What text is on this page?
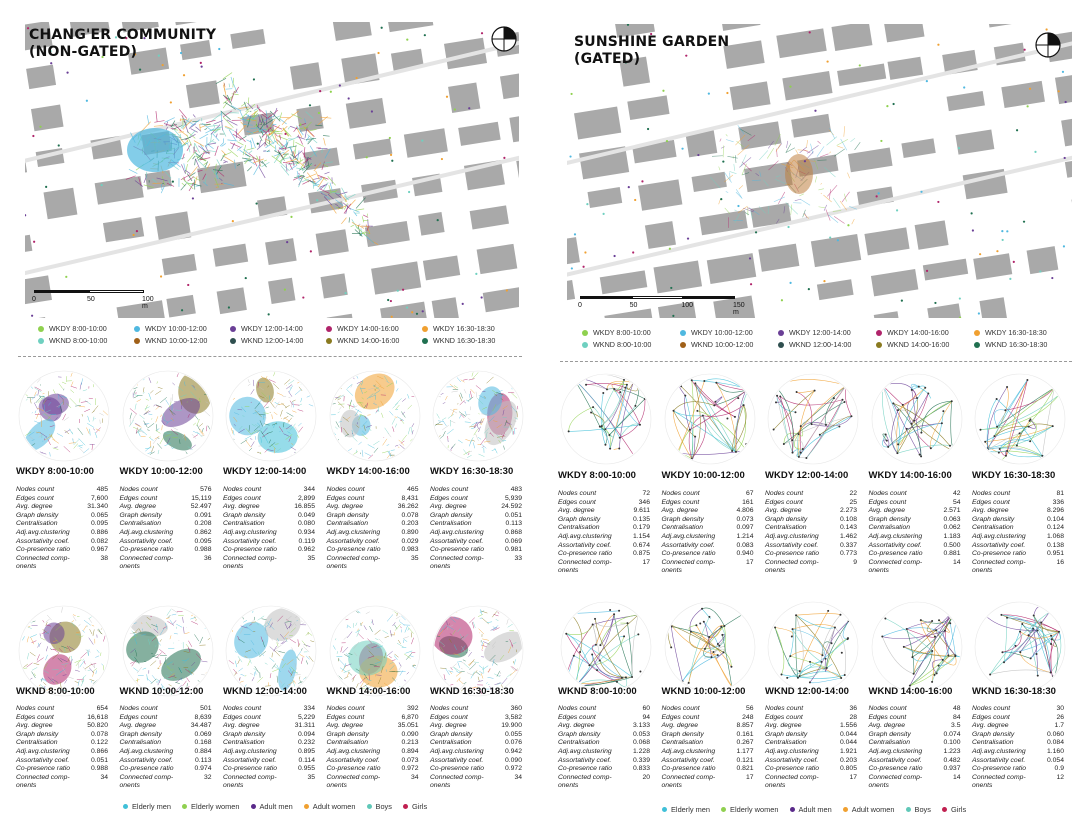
CHANG'ER COMMUNITY
(NON-GATED)
0	50	100 m
WKDY 8:00-10:00	WKDY 10:00-12:00	WKDY 12:00-14:00	WKDY 14:00-16:00	WKDY 16:30-18:30
WKND 8:00-10:00	WKND 10:00-12:00	WKND 12:00-14:00	WKND 14:00-16:00	WKND 16:30-18:30
WKDY 8:00-10:00
Nodes count	485
Edges count	7,600
Avg. degree	31.340
Graph density	0.065
Centralisation	0.095
Adj.avg.clustering	0.886
Assortativity coef.	0.082
Co-presence ratio	0.967
Connected comp-	38
onents
WKDY 10:00-12:00
Nodes count	576
Edges count	15,119
Avg. degree	52.497
Graph density	0.091
Centralisation	0.208
Adj.avg.clustering	0.862
Assortativity coef.	0.095
Co-presence ratio	0.988
Connected comp-	36
onents
WKDY 12:00-14:00
Nodes count	344
Edges count	2,899
Avg. degree	16.855
Graph density	0.049
Centralisation	0.080
Adj.avg.clustering	0.934
Assortativity coef.	0.119
Co-presence ratio	0.962
Connected comp-	35
onents
WKDY 14:00-16:00
Nodes count	465
Edges count	8,431
Avg. degree	36.262
Graph density	0.078
Centralisation	0.203
Adj.avg.clustering	0.890
Assortativity coef.	0.029
Co-presence ratio	0.983
Connected comp-	35
onents
WKDY 16:30-18:30
Nodes count	483
Edges count	5,939
Avg. degree	24.592
Graph density	0.051
Centralisation	0.113
Adj.avg.clustering	0.868
Assortativity coef.	0.069
Co-presence ratio	0.981
Connected comp-	33
onents
WKND 8:00-10:00
Nodes count	654
Edges count	16,618
Avg. degree	50.820
Graph density	0.078
Centralisation	0.122
Adj.avg.clustering	0.866
Assortativity coef.	0.051
Co-presence ratio	0.988
Connected comp-	34
onents
WKND 10:00-12:00
Nodes count	501
Edges count	8,639
Avg. degree	34.487
Graph density	0.069
Centralisation	0.168
Adj.avg.clustering	0.884
Assortativity coef.	0.113
Co-presence ratio	0.974
Connected comp-	32
onents
WKND 12:00-14:00
Nodes count	334
Edges count	5,229
Avg. degree	31.311
Graph density	0.094
Centralisation	0.232
Adj.avg.clustering	0.895
Assortativity coef.	0.114
Co-presence ratio	0.955
Connected comp-	35
onents
WKND 14:00-16:00
Nodes count	392
Edges count	6,870
Avg. degree	35.051
Graph density	0.090
Centralisation	0.213
Adj.avg.clustering	0.894
Assortativity coef.	0.073
Co-presence ratio	0.972
Connected comp-	34
onents
WKND 16:30-18:30
Nodes count	360
Edges count	3,582
Avg. degree	19.900
Graph density	0.055
Centralisation	0.076
Adj.avg.clustering	0.942
Assortativity coef.	0.090
Co-presence ratio	0.972
Connected comp-	34
onents
Elderly men	Elderly women	Adult men	Adult women	Boys	Girls
SUNSHINE GARDEN
(GATED)
0	50	100	150 m
WKDY 8:00-10:00	WKDY 10:00-12:00	WKDY 12:00-14:00	WKDY 14:00-16:00	WKDY 16:30-18:30
WKND 8:00-10:00	WKND 10:00-12:00	WKND 12:00-14:00	WKND 14:00-16:00	WKND 16:30-18:30
WKDY 8:00-10:00
Nodes count	72
Edges count	346
Avg. degree	9.611
Graph density	0.135
Centralisation	0.179
Adj.avg.clustering	1.154
Assortativity coef.	0.674
Co-presence ratio	0.875
Connected comp-	17
onents
WKDY 10:00-12:00
Nodes count	67
Edges count	161
Avg. degree	4.806
Graph density	0.073
Centralisation	0.097
Adj.avg.clustering	1.214
Assortativity coef.	0.083
Co-presence ratio	0.940
Connected comp-	17
onents
WKDY 12:00-14:00
Nodes count	22
Edges count	25
Avg. degree	2.273
Graph density	0.108
Centralisation	0.143
Adj.avg.clustering	1.462
Assortativity coef.	0.337
Co-presence ratio	0.773
Connected comp-	9
onents
WKDY 14:00-16:00
Nodes count	42
Edges count	54
Avg. degree	2.571
Graph density	0.063
Centralisation	0.062
Adj.avg.clustering	1.183
Assortativity coef.	0.500
Co-presence ratio	0.881
Connected comp-	14
onents
WKDY 16:30-18:30
Nodes count	81
Edges count	336
Avg. degree	8.296
Graph density	0.104
Centralisation	0.124
Adj.avg.clustering	1.068
Assortativity coef.	0.138
Co-presence ratio	0.951
Connected comp-	16
onents
WKND 8:00-10:00
Nodes count	60
Edges count	94
Avg. degree	3.133
Graph density	0.053
Centralisation	0.068
Adj.avg.clustering	1.228
Assortativity coef.	0.339
Co-presence ratio	0.833
Connected comp-	20
onents
WKND 10:00-12:00
Nodes count	56
Edges count	248
Avg. degree	8.857
Graph density	0.161
Centralisation	0.267
Adj.avg.clustering	1.177
Assortativity coef.	0.121
Co-presence ratio	0.821
Connected comp-	17
onents
WKND 12:00-14:00
Nodes count	36
Edges count	28
Avg. degree	1.556
Graph density	0.044
Centralisation	0.044
Adj.avg.clustering	1.921
Assortativity coef.	0.203
Co-presence ratio	0.805
Connected comp-	17
onents
WKND 14:00-16:00
Nodes count	48
Edges count	84
Avg. degree	3.5
Graph density	0.074
Centralisation	0.100
Adj.avg.clustering	1.223
Assortativity coef.	0.482
Co-presence ratio	0.937
Connected comp-	14
onents
WKND 16:30-18:30
Nodes count	30
Edges count	26
Avg. degree	1.7
Graph density	0.060
Centralisation	0.084
Adj.avg.clustering	1.160
Assortativity coef.	0.054
Co-presence ratio	0.9
Connected comp-	12
onents
Elderly men	Elderly women	Adult men	Adult women	Boys	Girls
